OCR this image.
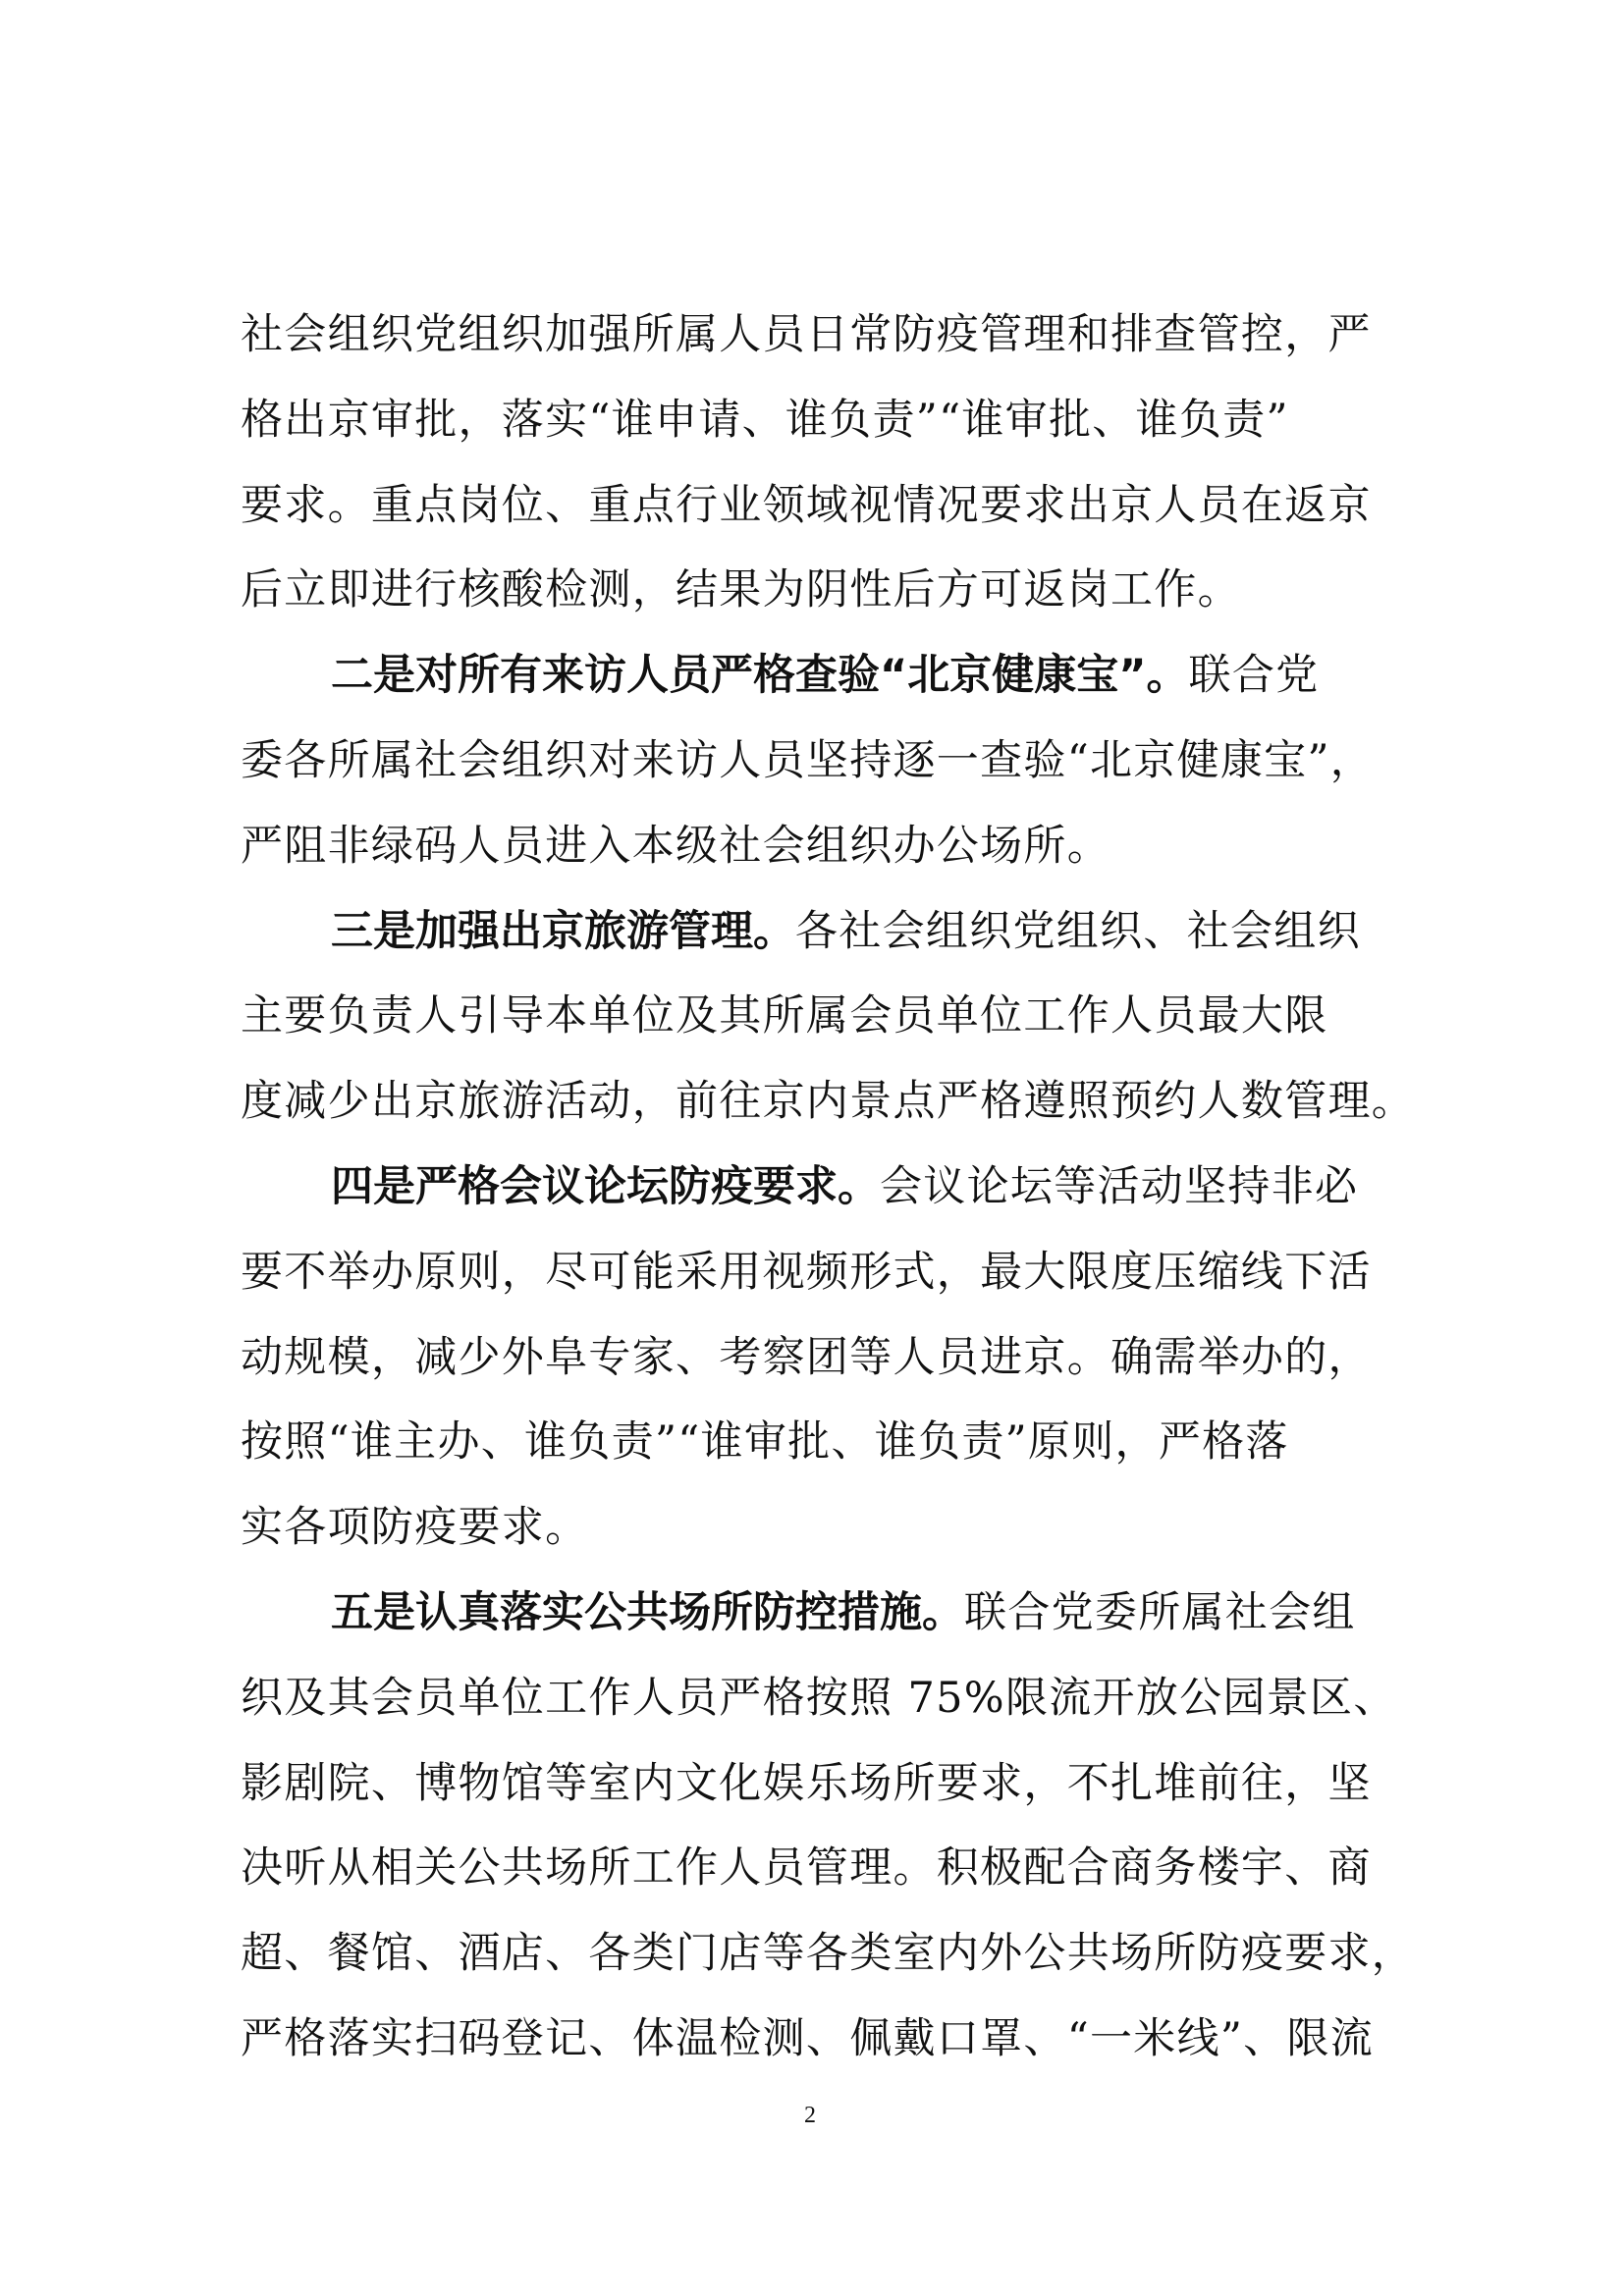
社会组织党组织加强所属人员日常防疫管理和排查管控，严
格出京审批，落实“谁申请、谁负责”“谁审批、谁负责”
要求。重点岗位、重点行业领域视情况要求出京人员在返京
后立即进行核酸检测，结果为阴性后方可返岗工作。
二是对所有来访人员严格查验“北京健康宝”。联合党
委各所属社会组织对来访人员坚持逐一查验“北京健康宝”，
严阻非绿码人员进入本级社会组织办公场所。
三是加强出京旅游管理。各社会组织党组织、社会组织
主要负责人引导本单位及其所属会员单位工作人员最大限
度减少出京旅游活动，前往京内景点严格遵照预约人数管理。
四是严格会议论坛防疫要求。会议论坛等活动坚持非必
要不举办原则，尽可能采用视频形式，最大限度压缩线下活
动规模，减少外阜专家、考察团等人员进京。确需举办的，
按照“谁主办、谁负责”“谁审批、谁负责”原则，严格落
实各项防疫要求。
五是认真落实公共场所防控措施。联合党委所属社会组
织及其会员单位工作人员严格按照 75%限流开放公园景区、
影剧院、博物馆等室内文化娱乐场所要求，不扎堆前往，坚
决听从相关公共场所工作人员管理。积极配合商务楼宇、商
超、餐馆、酒店、各类门店等各类室内外公共场所防疫要求，
严格落实扫码登记、体温检测、佩戴口罩、“一米线”、限流
2
